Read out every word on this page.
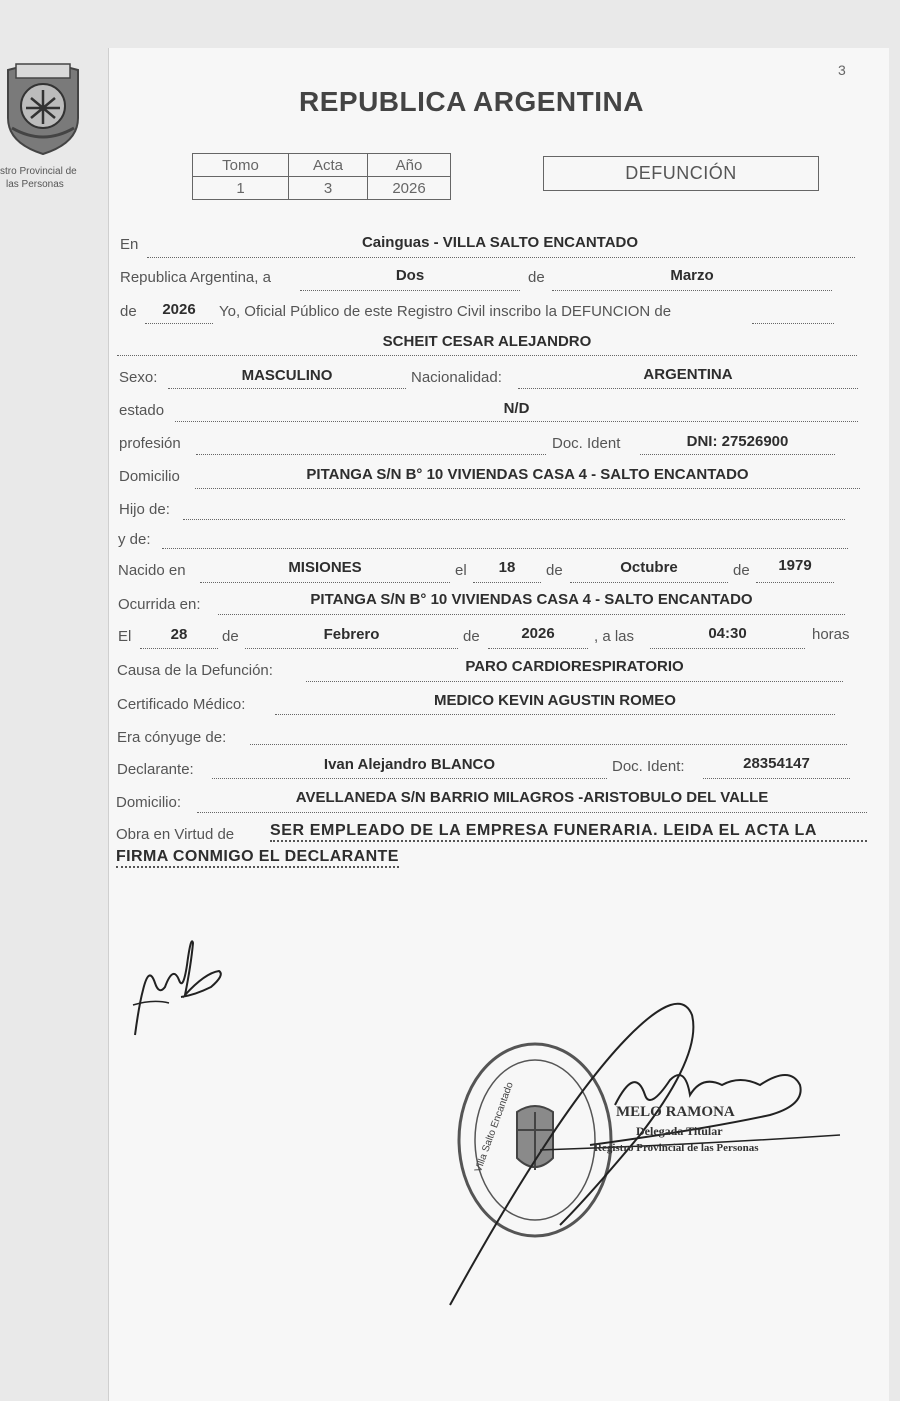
stro Provincial de
las Personas
3
REPUBLICA ARGENTINA
Tomo	Acta	Año
1	3	2026
DEFUNCIÓN
En	Cainguas - VILLA SALTO ENCANTADO
Republica Argentina, a	Dos	de	Marzo
de	2026	Yo, Oficial Público de este Registro Civil inscribo la DEFUNCION de
SCHEIT CESAR ALEJANDRO
Sexo:	MASCULINO	Nacionalidad:	ARGENTINA
estado	N/D
profesión	Doc. Ident	DNI: 27526900
Domicilio	PITANGA S/N B° 10 VIVIENDAS CASA 4 - SALTO ENCANTADO
Hijo de:
y de:
Nacido en	MISIONES	el	18	de	Octubre	de	1979
Ocurrida en:	PITANGA S/N B° 10 VIVIENDAS CASA 4 - SALTO ENCANTADO
El	28	de	Febrero	de	2026	, a las	04:30	horas
Causa de la Defunción:	PARO CARDIORESPIRATORIO
Certificado Médico:	MEDICO KEVIN AGUSTIN ROMEO
Era cónyuge de:
Declarante:	Ivan Alejandro BLANCO	Doc. Ident:	28354147
Domicilio:	AVELLANEDA S/N BARRIO MILAGROS -ARISTOBULO DEL VALLE
Obra en Virtud de SER EMPLEADO DE LA EMPRESA FUNERARIA. LEIDA EL ACTA LA
FIRMA CONMIGO EL DECLARANTE
Villa Salto Encantado	MELO RAMONA
Delegada Titular
Registro Provincial de las Personas
